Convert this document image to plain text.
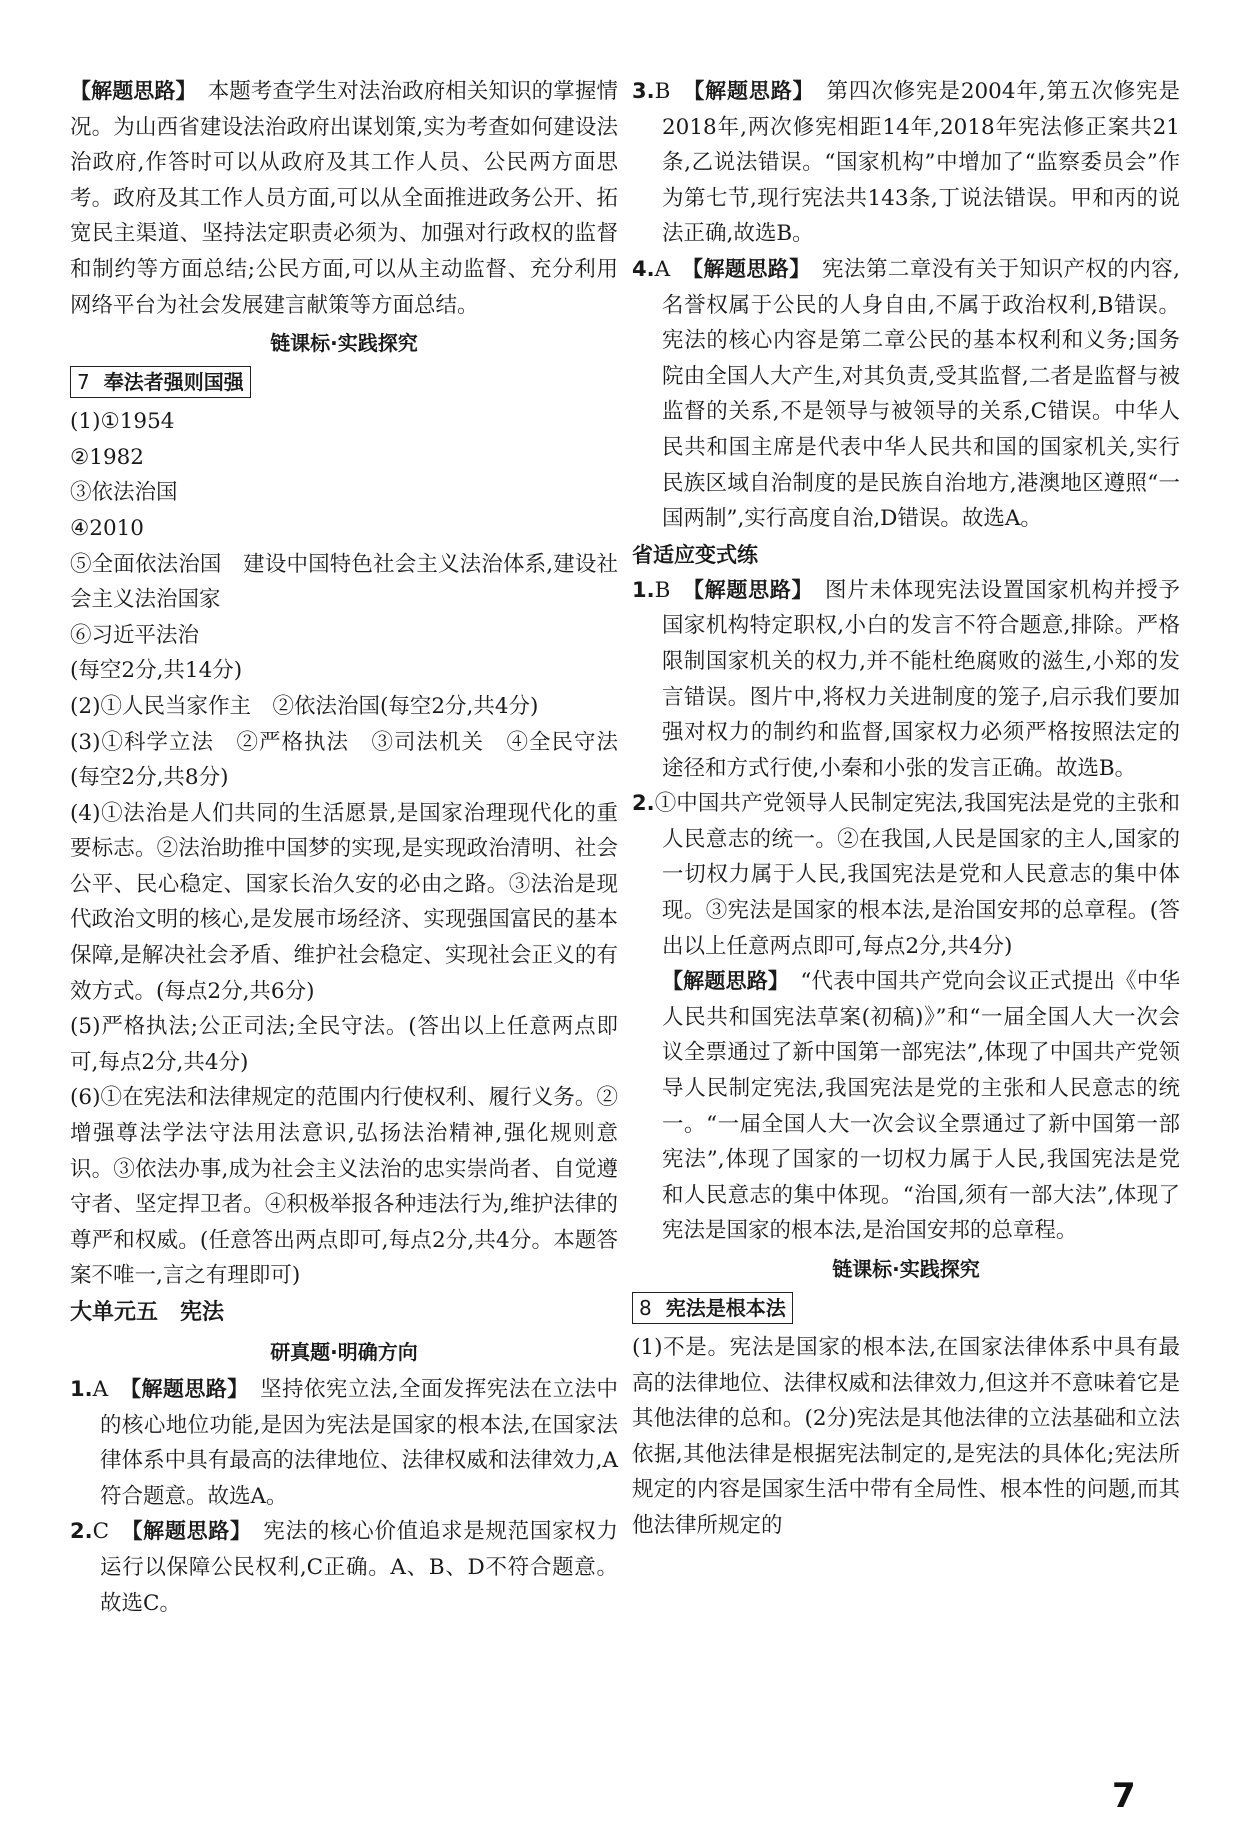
【解题思路】　 本题考查学生对法治政府相关知识的掌握情况。为山西省建设法治政府出谋划策,实为考查如何建设法治政府,作答时可以从政府及其工作人员、公民两方面思考。政府及其工作人员方面,可以从全面推进政务公开、拓宽民主渠道、坚持法定职责必须为、加强对行政权的监督和制约等方面总结;公民方面,可以从主动监督、充分利用网络平台为社会发展建言献策等方面总结。

链课标·实践探究
7 奉法者强则国强

(1)①1954

②1982

③依法治国

④2010

⑤全面依法治国　建设中国特色社会主义法治体系,建设社会主义法治国家

⑥习近平法治

(每空2分,共14分)

(2)①人民当家作主　②依法治国(每空2分,共4分)

(3)①科学立法　②严格执法　③司法机关　④全民守法(每空2分,共8分)

(4)①法治是人们共同的生活愿景,是国家治理现代化的重要标志。②法治助推中国梦的实现,是实现政治清明、社会公平、民心稳定、国家长治久安的必由之路。③法治是现代政治文明的核心,是发展市场经济、实现强国富民的基本保障,是解决社会矛盾、维护社会稳定、实现社会正义的有效方式。(每点2分,共6分)

(5)严格执法;公正司法;全民守法。(答出以上任意两点即可,每点2分,共4分)

(6)①在宪法和法律规定的范围内行使权利、履行义务。②增强尊法学法守法用法意识,弘扬法治精神,强化规则意识。③依法办事,成为社会主义法治的忠实崇尚者、自觉遵守者、坚定捍卫者。④积极举报各种违法行为,维护法律的尊严和权威。(任意答出两点即可,每点2分,共4分。本题答案不唯一,言之有理即可)

大单元五　宪法
研真题·明确方向

1.A　 【解题思路】　 坚持依宪立法,全面发挥宪法在立法中的核心地位功能,是因为宪法是国家的根本法,在国家法律体系中具有最高的法律地位、法律权威和法律效力,A符合题意。故选A。

2.C　 【解题思路】　 宪法的核心价值追求是规范国家权力运行以保障公民权利,C正确。A、B、D不符合题意。故选C。

3.B　 【解题思路】　 第四次修宪是2004年,第五次修宪是2018年,两次修宪相距14年,2018年宪法修正案共21条,乙说法错误。“国家机构”中增加了“监察委员会”作为第七节,现行宪法共143条,丁说法错误。甲和丙的说法正确,故选B。

4.A　 【解题思路】　 宪法第二章没有关于知识产权的内容,名誉权属于公民的人身自由,不属于政治权利,B错误。宪法的核心内容是第二章公民的基本权利和义务;国务院由全国人大产生,对其负责,受其监督,二者是监督与被监督的关系,不是领导与被领导的关系,C错误。中华人民共和国主席是代表中华人民共和国的国家机关,实行民族区域自治制度的是民族自治地方,港澳地区遵照“一国两制”,实行高度自治,D错误。故选A。

省适应变式练

1.B　 【解题思路】　 图片未体现宪法设置国家机构并授予国家机构特定职权,小白的发言不符合题意,排除。严格限制国家机关的权力,并不能杜绝腐败的滋生,小郑的发言错误。图片中,将权力关进制度的笼子,启示我们要加强对权力的制约和监督,国家权力必须严格按照法定的途径和方式行使,小秦和小张的发言正确。故选B。

2.①中国共产党领导人民制定宪法,我国宪法是党的主张和人民意志的统一。②在我国,人民是国家的主人,国家的一切权力属于人民,我国宪法是党和人民意志的集中体现。③宪法是国家的根本法,是治国安邦的总章程。(答出以上任意两点即可,每点2分,共4分)

【解题思路】　 “代表中国共产党向会议正式提出《中华人民共和国宪法草案(初稿)》”和“一届全国人大一次会议全票通过了新中国第一部宪法”,体现了中国共产党领导人民制定宪法,我国宪法是党的主张和人民意志的统一。“一届全国人大一次会议全票通过了新中国第一部宪法”,体现了国家的一切权力属于人民,我国宪法是党和人民意志的集中体现。“治国,须有一部大法”,体现了宪法是国家的根本法,是治国安邦的总章程。

链课标·实践探究
8 宪法是根本法

(1)不是。宪法是国家的根本法,在国家法律体系中具有最高的法律地位、法律权威和法律效力,但这并不意味着它是其他法律的总和。(2分)宪法是其他法律的立法基础和立法依据,其他法律是根据宪法制定的,是宪法的具体化;宪法所规定的内容是国家生活中带有全局性、根本性的问题,而其他法律所规定的

7
